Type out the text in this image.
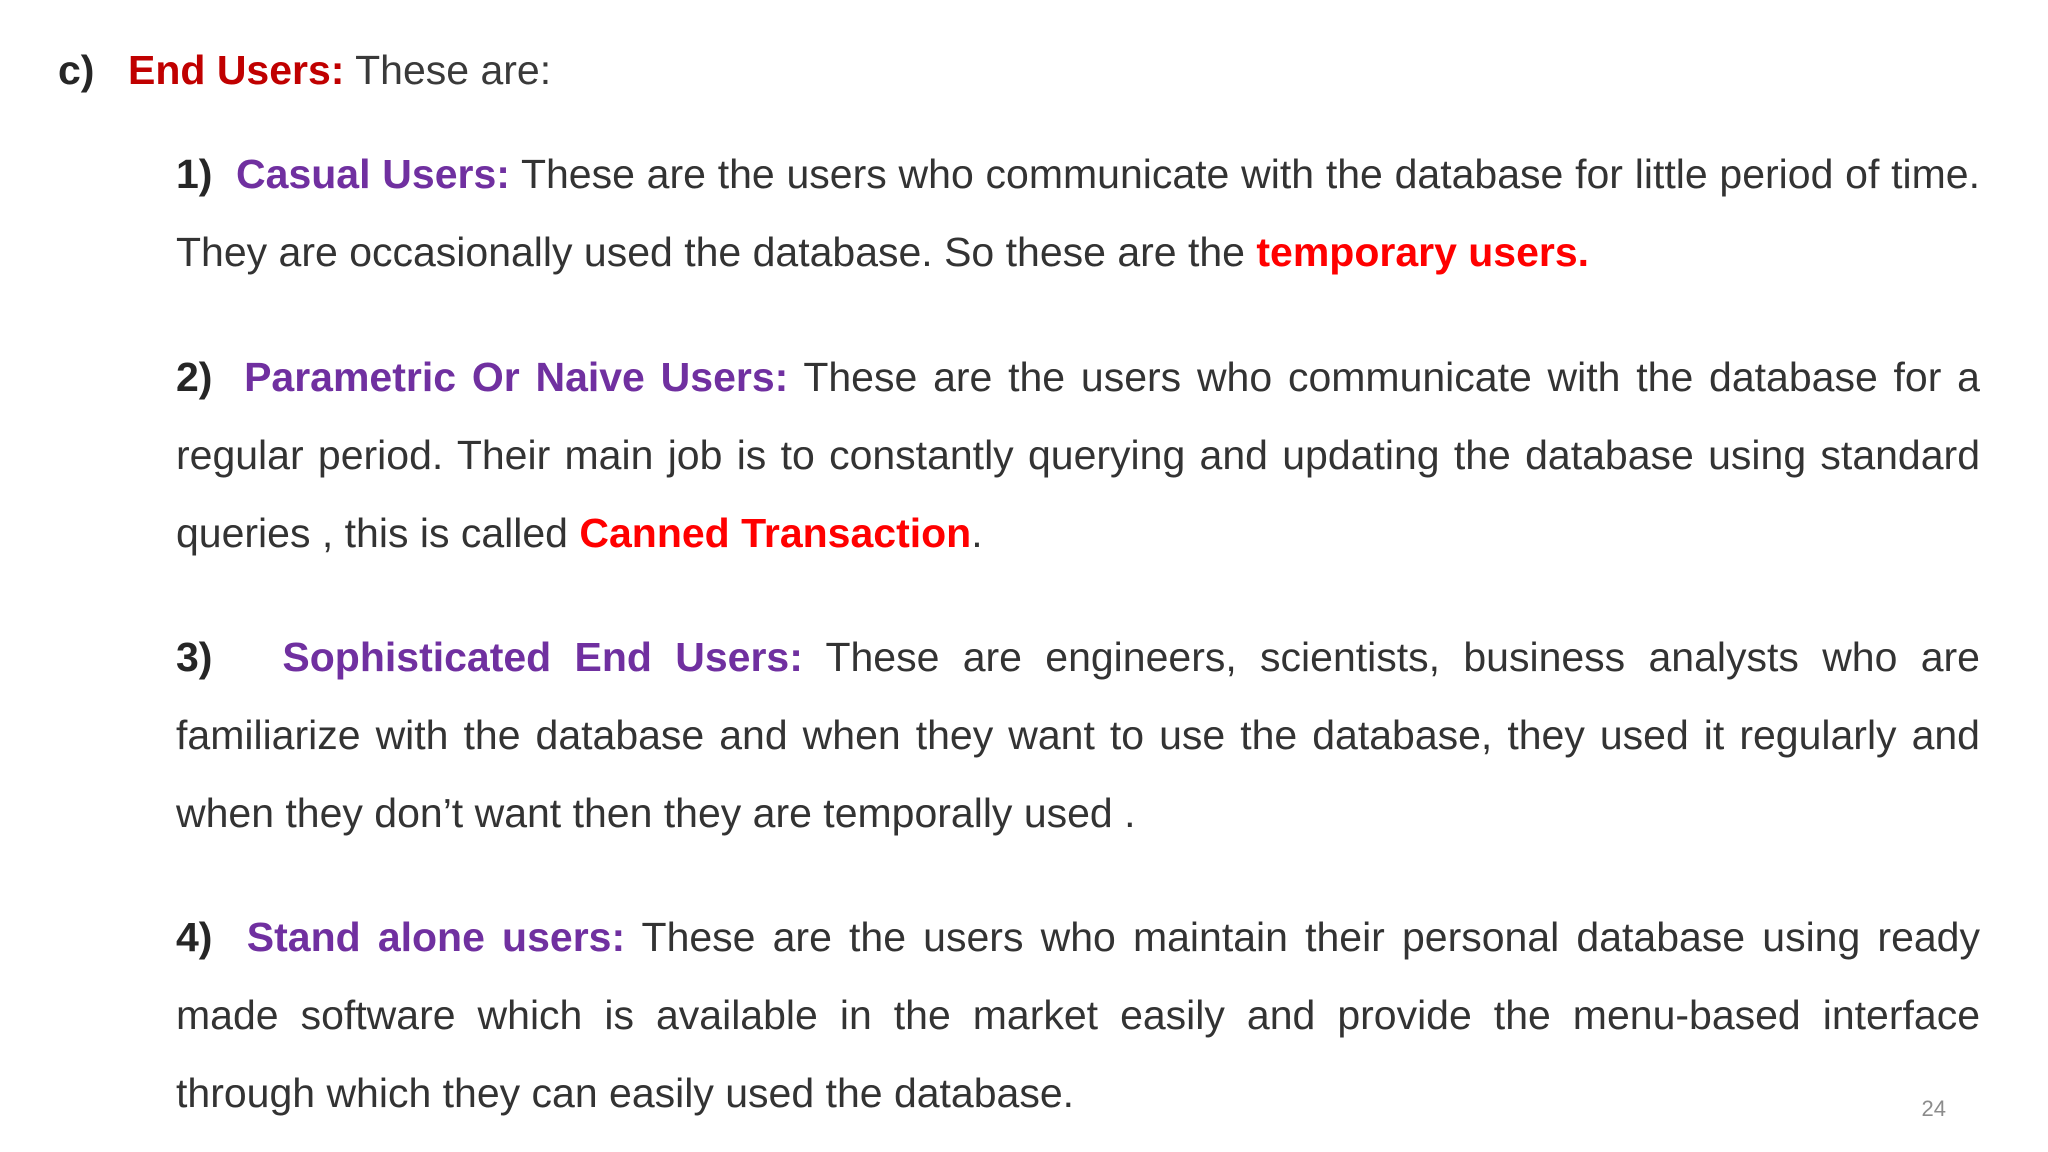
c) End Users: These are:
1) Casual Users: These are the users who communicate with the database for little period of time. They are occasionally used the database. So these are the temporary users.
2) Parametric Or Naive Users: These are the users who communicate with the database for a regular period. Their main job is to constantly querying and updating the database using standard queries , this is called Canned Transaction.
3) Sophisticated End Users: These are engineers, scientists, business analysts who are familiarize with the database and when they want to use the database, they used it regularly and when they don’t want then they are temporally used .
4) Stand alone users: These are the users who maintain their personal database using ready made software which is available in the market easily and provide the menu-based interface through which they can easily used the database.	24
